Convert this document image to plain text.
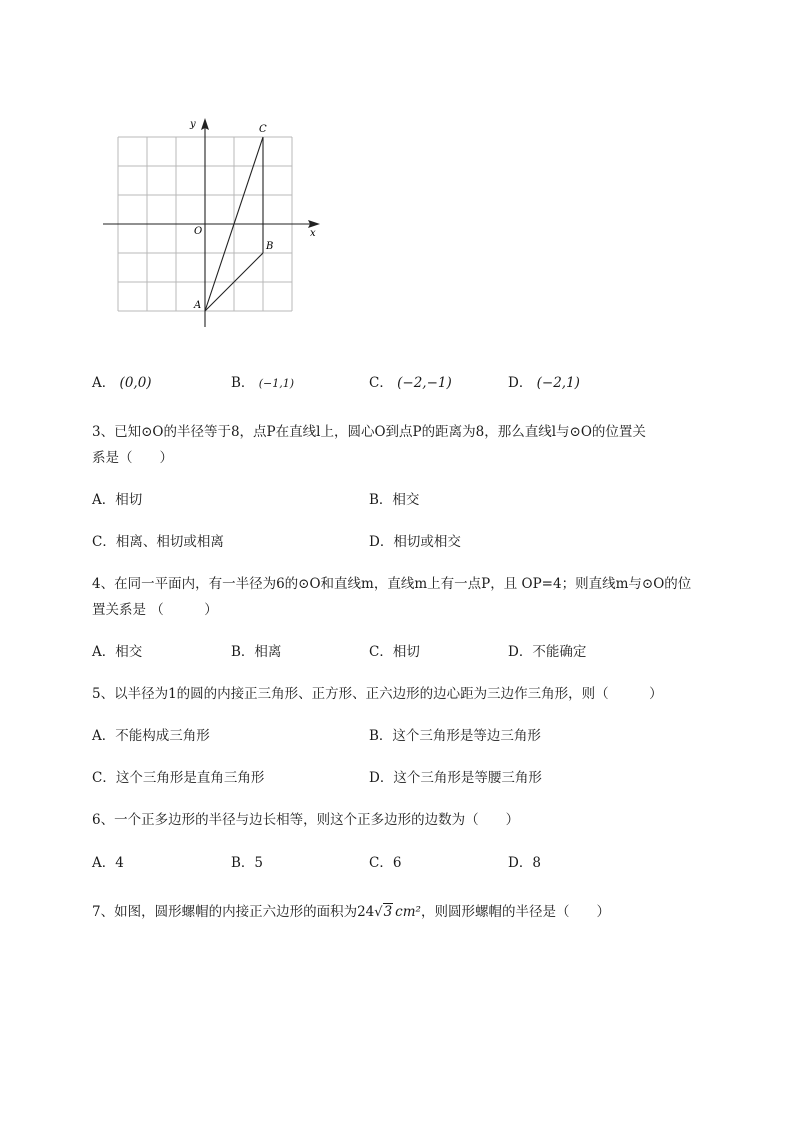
y
x
O
C
B
A
A． (0,0)	B． (−1,1)	C． (−2,−1)	D． (−2,1)
3、已知⊙O的半径等于8，点P在直线l上，圆心O到点P的距离为8，那么直线l与⊙O的位置关
系是（　　）
A．相切	B．相交
C．相离、相切或相离	D．相切或相交
4、在同一平面内，有一半径为6的⊙O和直线m，直线m上有一点P，且 OP=4；则直线m与⊙O的位
置关系是 （　　　）
A．相交	B．相离	C．相切	D．不能确定
5、以半径为1的圆的内接正三角形、正方形、正六边形的边心距为三边作三角形，则（　　　）
A．不能构成三角形	B．这个三角形是等边三角形
C．这个三角形是直角三角形	D．这个三角形是等腰三角形
6、一个正多边形的半径与边长相等，则这个正多边形的边数为（　　）
A．4	B．5	C．6	D．8
7、如图，圆形螺帽的内接正六边形的面积为24√3 cm²，则圆形螺帽的半径是（　　）
